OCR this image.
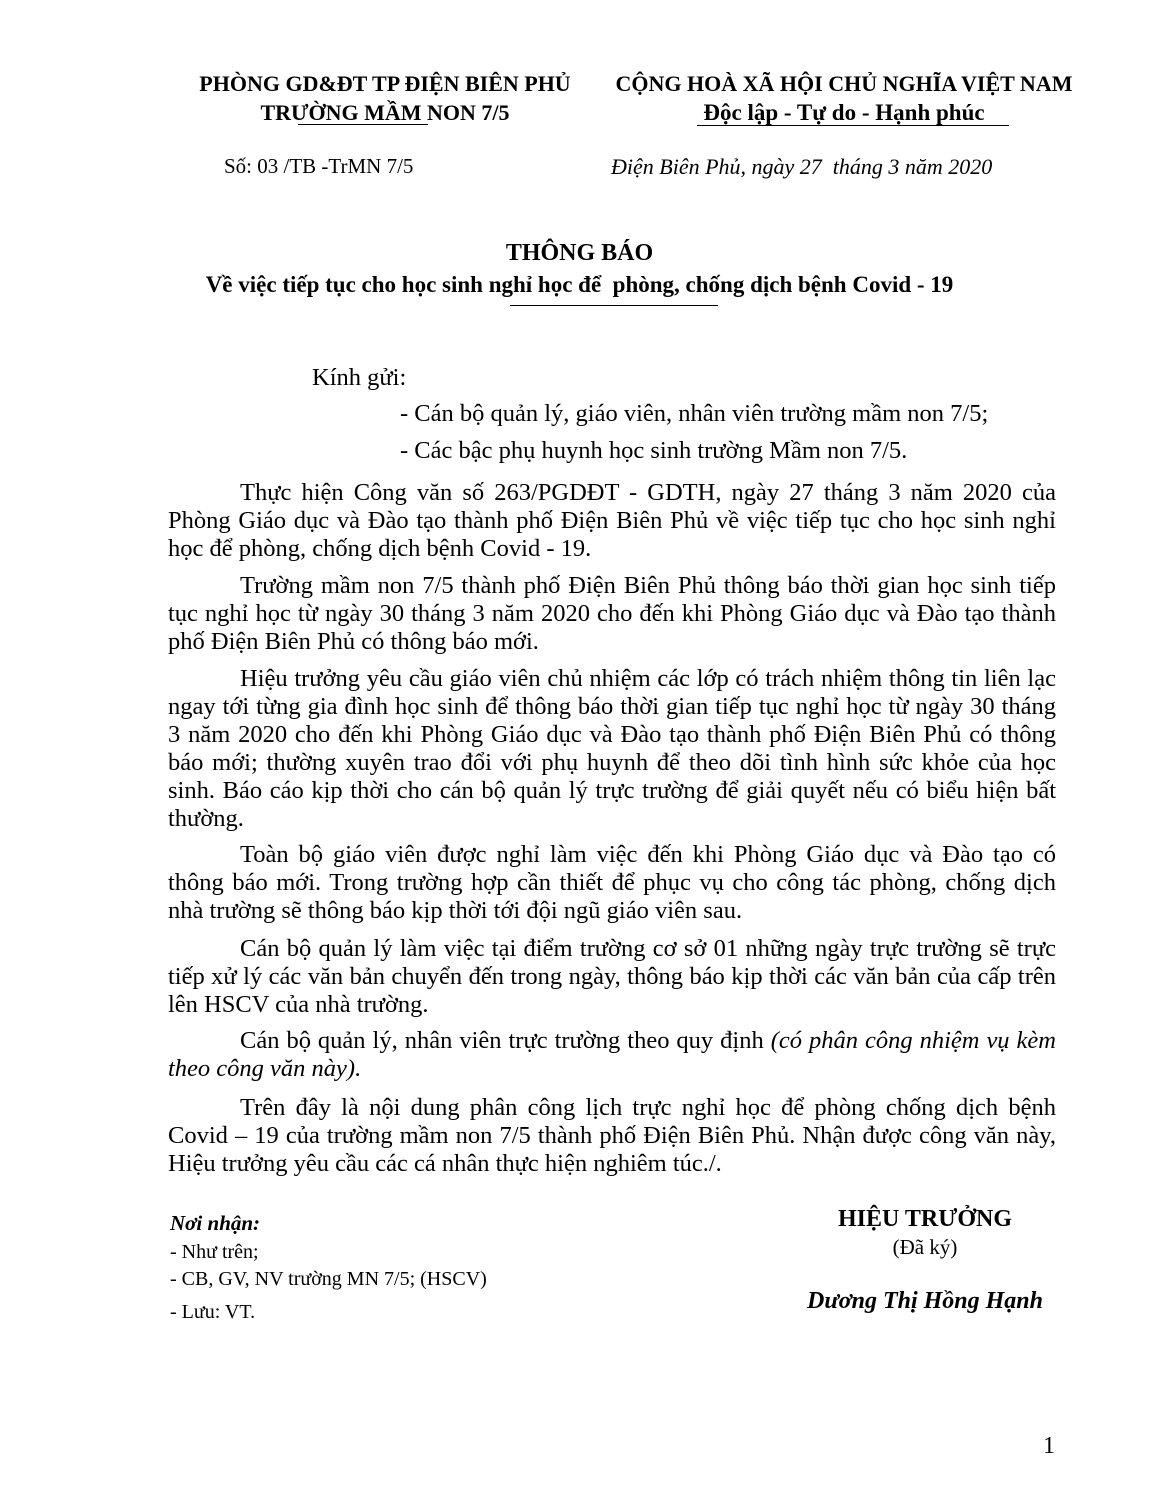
PHÒNG GD&ĐT TP ĐIỆN BIÊN PHỦ
TRƯỜNG MẦM NON 7/5
CỘNG HOÀ XÃ HỘI CHỦ NGHĨA VIỆT NAM
Độc lập - Tự do - Hạnh phúc
Số: 03 /TB -TrMN 7/5	Điện Biên Phủ, ngày 27  tháng 3 năm 2020
THÔNG BÁO
Về việc tiếp tục cho học sinh nghỉ học để  phòng, chống dịch bệnh Covid - 19
Kính gửi:
- Cán bộ quản lý, giáo viên, nhân viên trường mầm non 7/5;
- Các bậc phụ huynh học sinh trường Mầm non 7/5.

Thực hiện Công văn số 263/PGDĐT - GDTH, ngày 27 tháng 3 năm 2020 của Phòng Giáo dục và Đào tạo thành phố Điện Biên Phủ về việc tiếp tục cho học sinh nghỉ học để phòng, chống dịch bệnh Covid - 19.

Trường mầm non 7/5 thành phố Điện Biên Phủ thông báo thời gian học sinh tiếp tục nghỉ học từ ngày 30 tháng 3 năm 2020 cho đến khi Phòng Giáo dục và Đào tạo thành phố Điện Biên Phủ có thông báo mới.

Hiệu trưởng yêu cầu giáo viên chủ nhiệm các lớp có trách nhiệm thông tin liên lạc ngay tới từng gia đình học sinh để thông báo thời gian tiếp tục nghỉ học từ ngày 30 tháng 3 năm 2020 cho đến khi Phòng Giáo dục và Đào tạo thành phố Điện Biên Phủ có thông báo mới; thường xuyên trao đổi với phụ huynh để theo dõi tình hình sức khỏe của học sinh. Báo cáo kịp thời cho cán bộ quản lý trực trường để giải quyết nếu có biểu hiện bất thường.

Toàn bộ giáo viên được nghỉ làm việc đến khi Phòng Giáo dục và Đào tạo có thông báo mới. Trong trường hợp cần thiết để phục vụ cho công tác phòng, chống dịch nhà trường sẽ thông báo kịp thời tới đội ngũ giáo viên sau.

Cán bộ quản lý làm việc tại điểm trường cơ sở 01 những ngày trực trường sẽ trực tiếp xử lý các văn bản chuyển đến trong ngày, thông báo kịp thời các văn bản của cấp trên lên HSCV của nhà trường.

Cán bộ quản lý, nhân viên trực trường theo quy định (có phân công nhiệm vụ kèm theo công văn này).

Trên đây là nội dung phân công lịch trực nghỉ học để phòng chống dịch bệnh Covid – 19 của trường mầm non 7/5 thành phố Điện Biên Phủ. Nhận được công văn này, Hiệu trưởng yêu cầu các cá nhân thực hiện nghiêm túc./.

Nơi nhận:
- Như trên;
- CB, GV, NV trường MN 7/5; (HSCV)
- Lưu: VT.
HIỆU TRƯỞNG
(Đã ký)
Dương Thị Hồng Hạnh
1
